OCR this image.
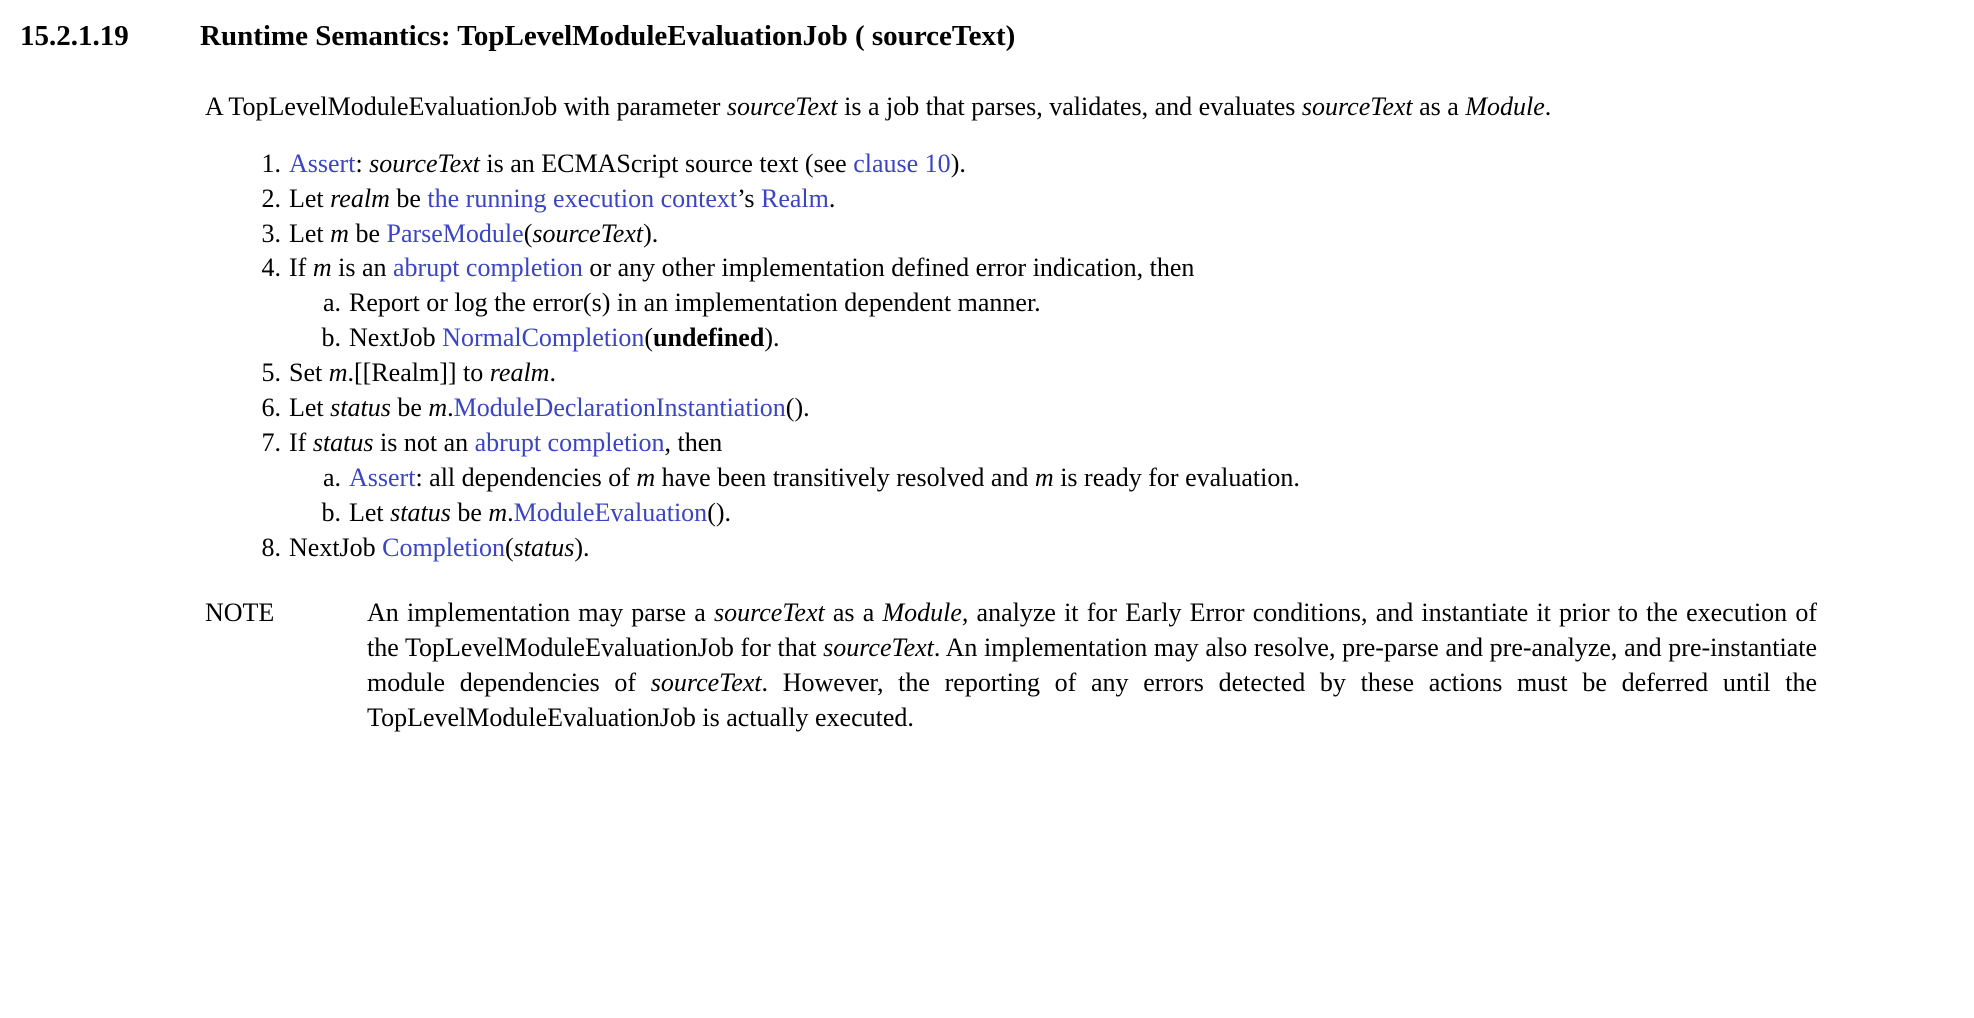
15.2.1.19	Runtime Semantics: TopLevelModuleEvaluationJob ( sourceText)

A TopLevelModuleEvaluationJob with parameter sourceText is a job that parses, validates, and evaluates sourceText as a Module.

1. Assert: sourceText is an ECMAScript source text (see clause 10).
2. Let realm be the running execution context’s Realm.
3. Let m be ParseModule(sourceText).
4. If m is an abrupt completion or any other implementation defined error indication, then
a. Report or log the error(s) in an implementation dependent manner.
b. NextJob NormalCompletion(undefined).
5. Set m.[[Realm]] to realm.
6. Let status be m.ModuleDeclarationInstantiation().
7. If status is not an abrupt completion, then
a. Assert: all dependencies of m have been transitively resolved and m is ready for evaluation.
b. Let status be m.ModuleEvaluation().
8. NextJob Completion(status).
NOTE	An implementation may parse a sourceText as a Module, analyze it for Early Error conditions, and instantiate it prior to the execution of the TopLevelModuleEvaluationJob for that sourceText. An implementation may also resolve, pre-parse and pre-analyze, and pre-instantiate module dependencies of sourceText. However, the reporting of any errors detected by these actions must be deferred until the TopLevelModuleEvaluationJob is actually executed.
